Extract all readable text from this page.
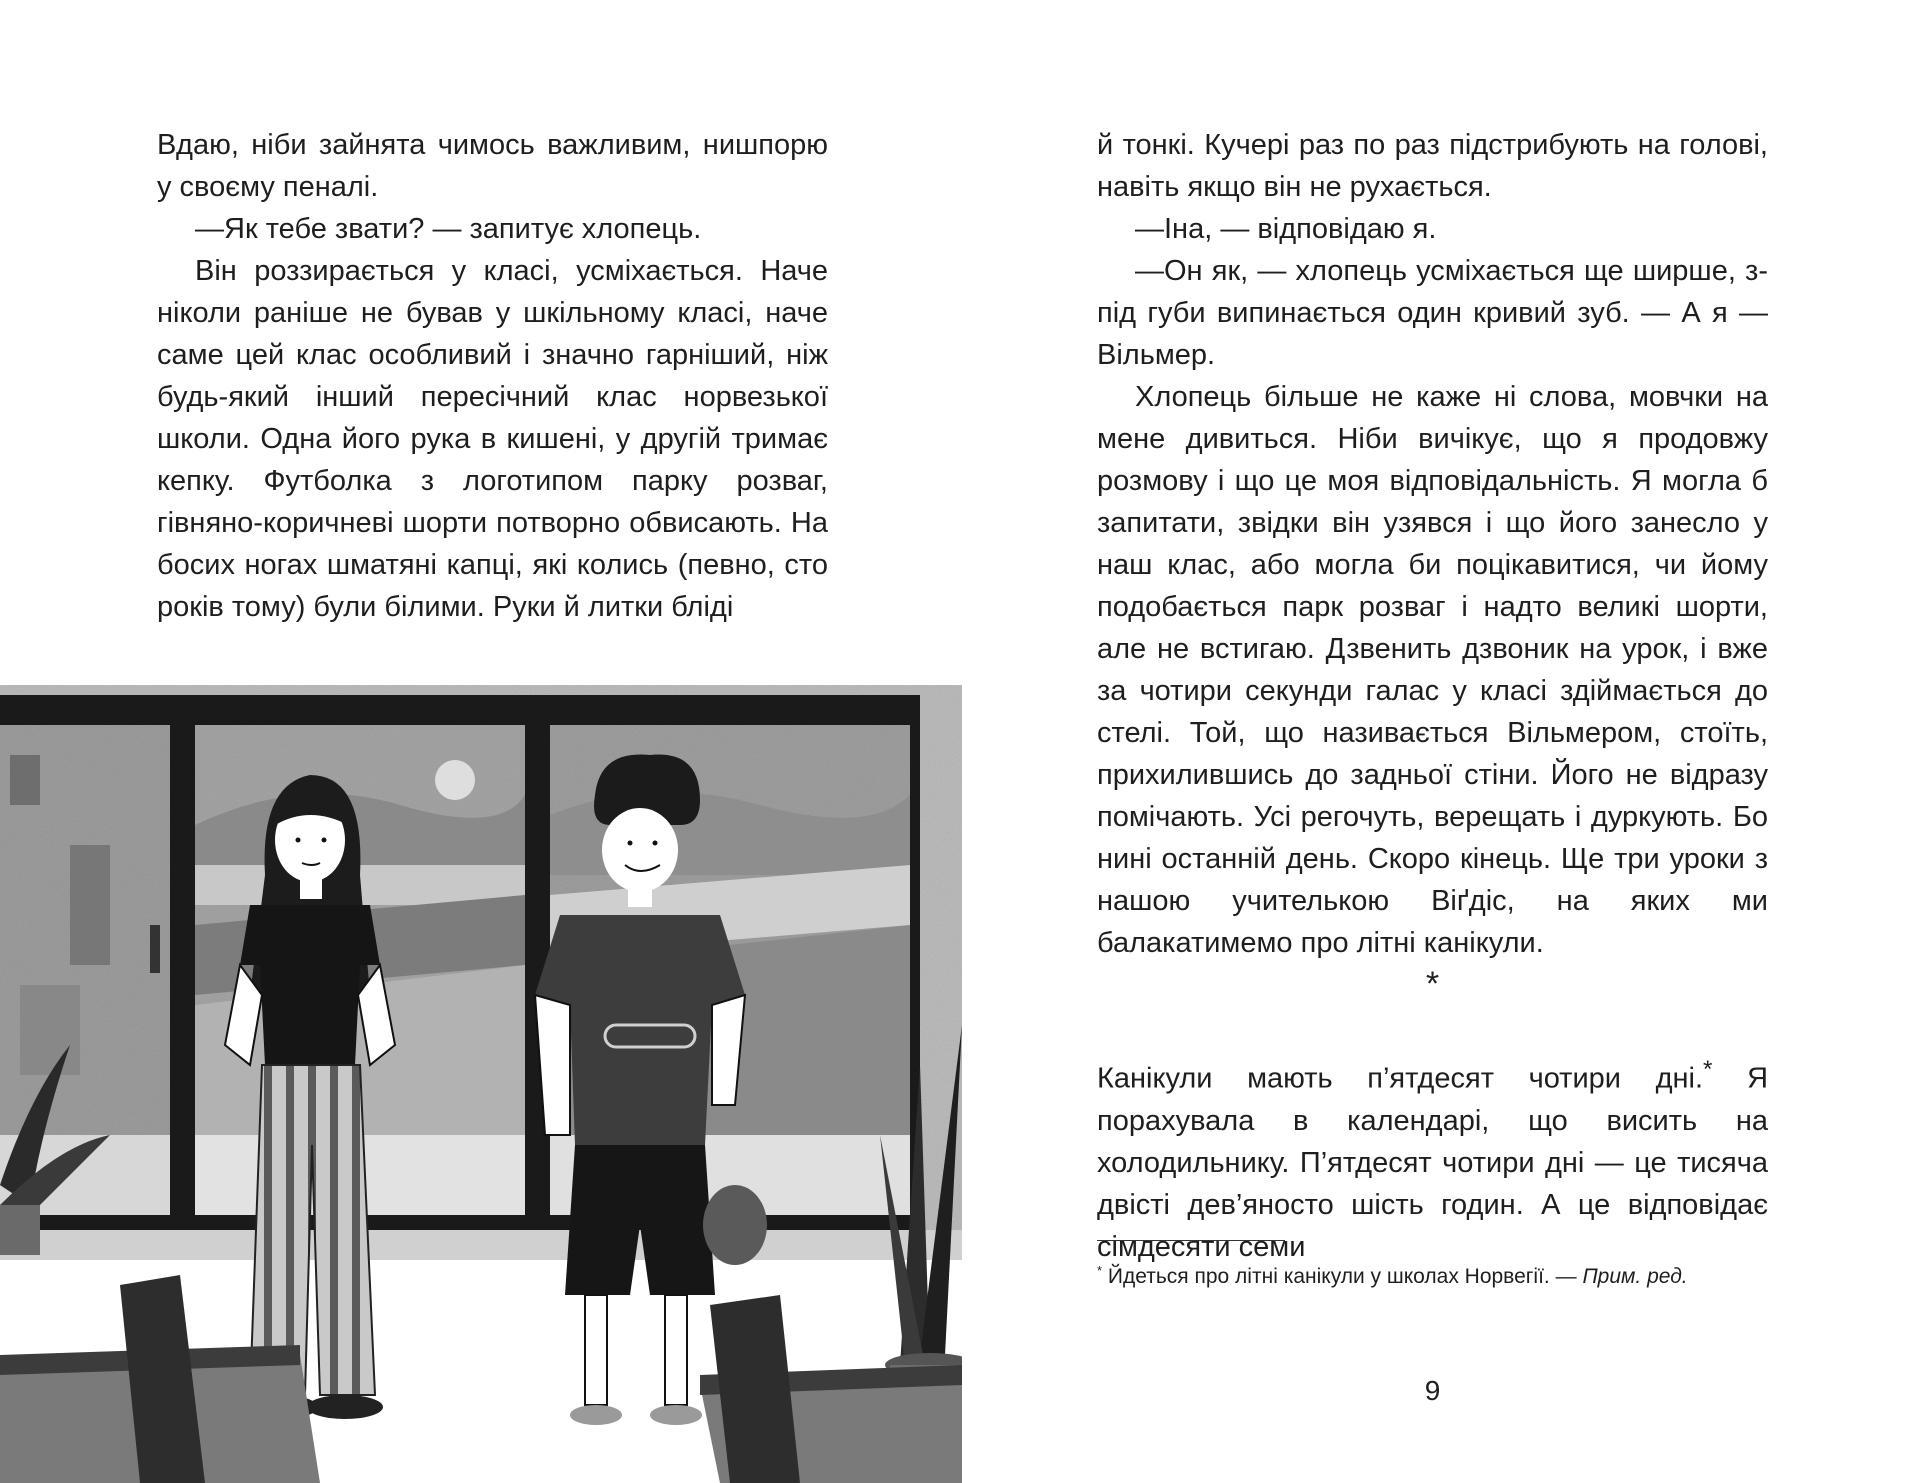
Вдаю, ніби зайнята чимось важливим, нишпорю у своєму пеналі.

—Як тебе звати? — запитує хлопець.

Він роззирається у класі, усміхається. Наче ніколи раніше не бував у шкільному класі, наче саме цей клас особливий і значно гарніший, ніж будь-який інший пересічний клас норвезької школи. Одна його рука в кишені, у другій тримає кепку. Футболка з логотипом парку розваг, гівняно-коричневі шорти потворно обвисають. На босих ногах шматяні капці, які колись (певно, сто років тому) були білими. Руки й литки бліді

й тонкі. Кучері раз по раз підстрибують на голові, навіть якщо він не рухається.

—Іна, — відповідаю я.

—Он як, — хлопець усміхається ще ширше, з-під губи випинається один кривий зуб. — А я — Вільмер.

Хлопець більше не каже ні слова, мовчки на мене дивиться. Ніби вичікує, що я продовжу розмову і що це моя відповідальність. Я могла б запитати, звідки він узявся і що його занесло у наш клас, або могла би поцікавитися, чи йому подобається парк розваг і надто великі шорти, але не встигаю. Дзвенить дзвоник на урок, і вже за чотири секунди галас у класі здіймається до стелі. Той, що називається Вільмером, стоїть, прихилившись до задньої стіни. Його не відразу помічають. Усі регочуть, верещать і дуркують. Бо нині останній день. Скоро кінець. Ще три уроки з нашою учителькою Віґдіс, на яких ми балакатимемо про літні канікули.

*

Канікули мають п’ятдесят чотири дні.* Я порахувала в календарі, що висить на холодильнику. П’ятдесят чотири дні — це тисяча двісті дев’яносто шість годин. А це відповідає сімдесяти семи

* Йдеться про літні канікули у школах Норвегії. — Прим. ред.
9
